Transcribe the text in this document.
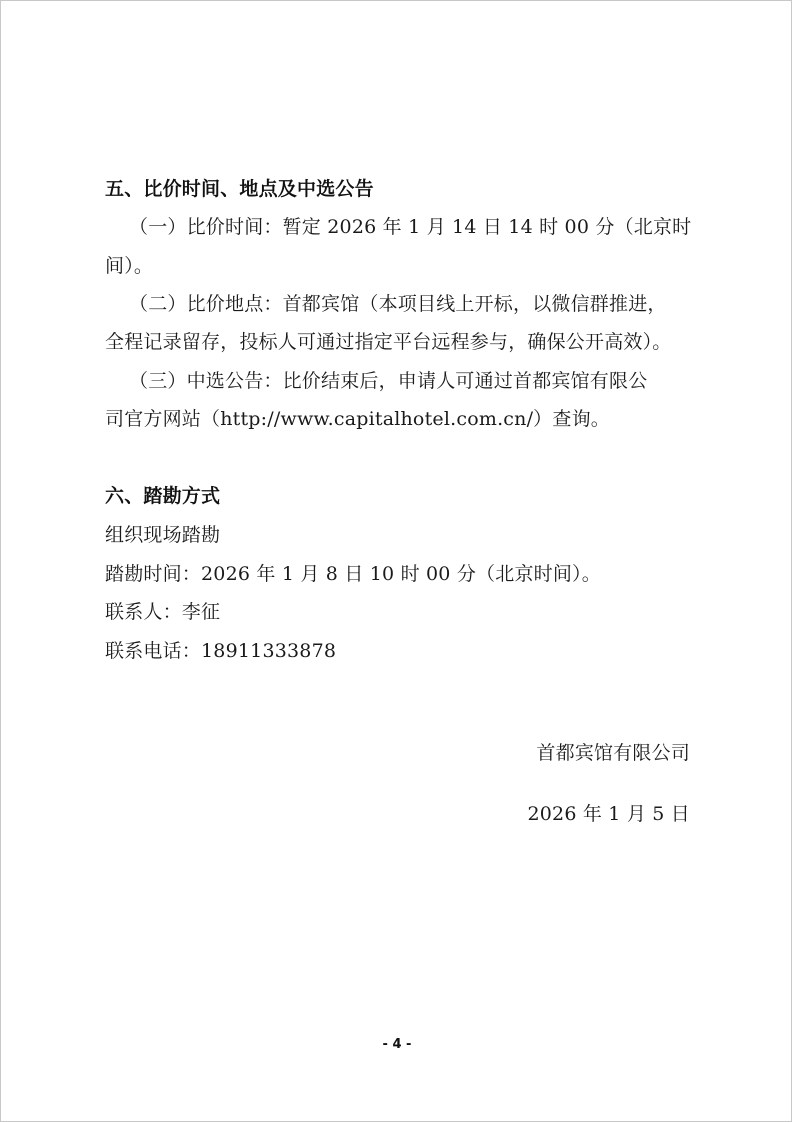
五、比价时间、地点及中选公告
（一）比价时间：暂定 2026 年 1 月 14 日 14 时 00 分（北京时
间）。
（二）比价地点：首都宾馆（本项目线上开标，以微信群推进，
全程记录留存，投标人可通过指定平台远程参与，确保公开高效）。
（三）中选公告：比价结束后，申请人可通过首都宾馆有限公
司官方网站（http://www.capitalhotel.com.cn/）查询。
六、踏勘方式
组织现场踏勘
踏勘时间：2026 年 1 月 8 日 10 时 00 分（北京时间）。
联系人：李征
联系电话：18911333878
首都宾馆有限公司
2026 年 1 月 5 日
- 4 -
